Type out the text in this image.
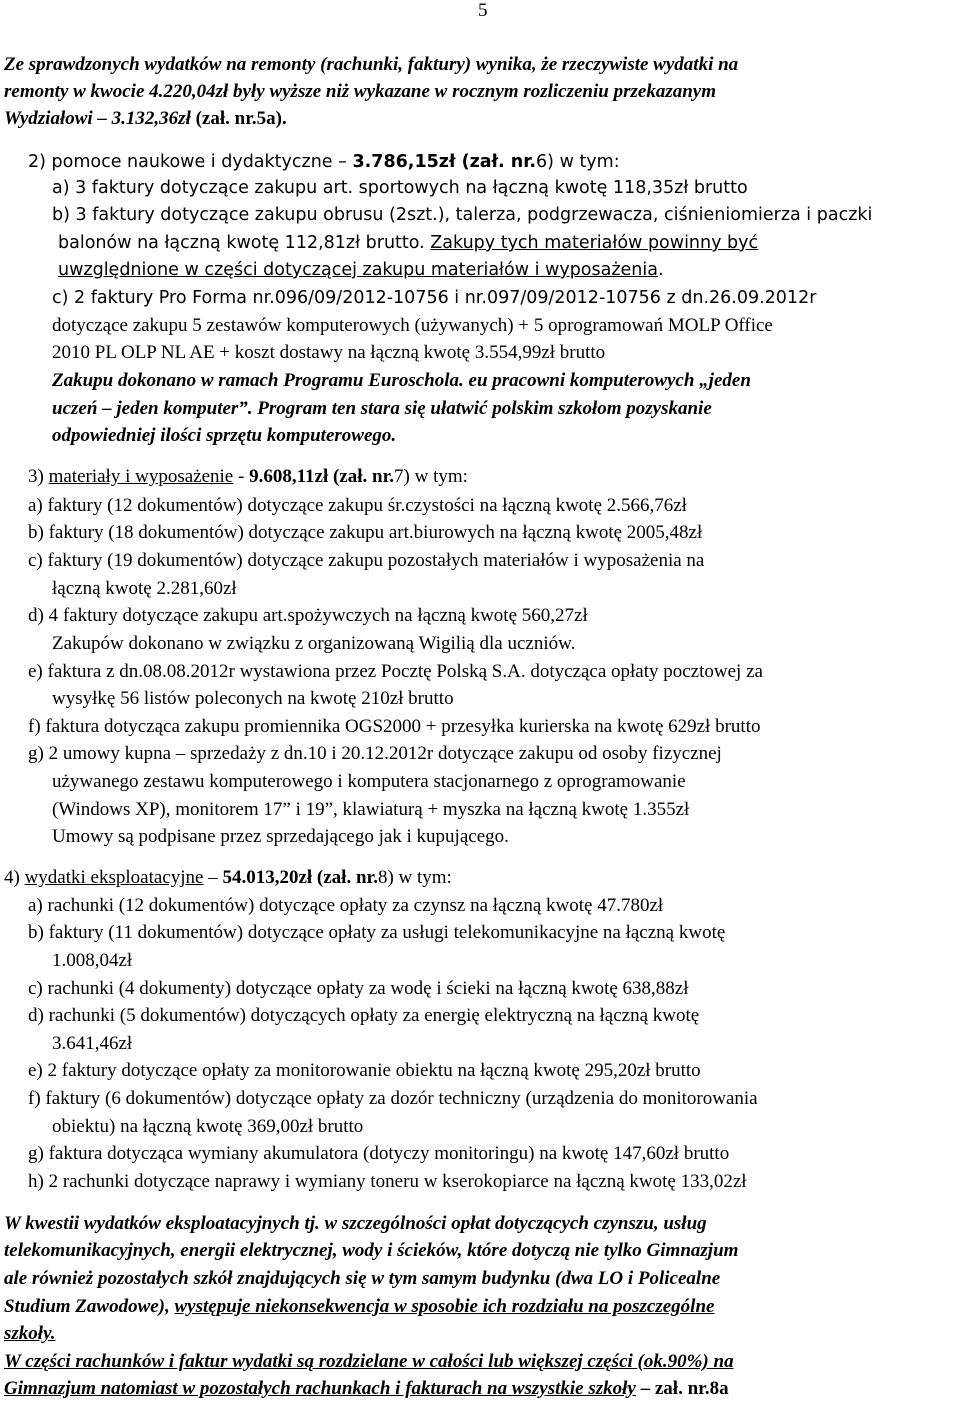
5
Ze sprawdzonych wydatków na remonty (rachunki, faktury) wynika, że rzeczywiste wydatki na
remonty w kwocie 4.220,04zł były wyższe niż wykazane w rocznym rozliczeniu przekazanym
Wydziałowi – 3.132,36zł (zał. nr.5a).
2) pomoce naukowe i dydaktyczne – 3.786,15zł (zał. nr.6) w tym:
a) 3 faktury dotyczące zakupu art. sportowych na łączną kwotę 118,35zł brutto
b) 3 faktury dotyczące zakupu obrusu (2szt.), talerza, podgrzewacza, ciśnieniomierza i paczki
balonów na łączną kwotę 112,81zł brutto. Zakupy tych materiałów powinny być
uwzględnione w części dotyczącej zakupu materiałów i wyposażenia.
c) 2 faktury Pro Forma nr.096/09/2012-10756 i nr.097/09/2012-10756 z dn.26.09.2012r
dotyczące zakupu 5 zestawów komputerowych (używanych) + 5 oprogramowań MOLP Office
2010 PL OLP NL AE + koszt dostawy na łączną kwotę 3.554,99zł brutto
Zakupu dokonano w ramach Programu Euroschola. eu pracowni komputerowych „jeden
uczeń – jeden komputer”. Program ten stara się ułatwić polskim szkołom pozyskanie
odpowiedniej ilości sprzętu komputerowego.
3) materiały i wyposażenie - 9.608,11zł (zał. nr.7) w tym:
a) faktury (12 dokumentów) dotyczące zakupu śr.czystości na łączną kwotę 2.566,76zł
b) faktury (18 dokumentów) dotyczące zakupu art.biurowych na łączną kwotę 2005,48zł
c) faktury (19 dokumentów) dotyczące zakupu pozostałych materiałów i wyposażenia na
łączną kwotę 2.281,60zł
d) 4 faktury dotyczące zakupu art.spożywczych na łączną kwotę 560,27zł
Zakupów dokonano w związku z organizowaną Wigilią dla uczniów.
e) faktura z dn.08.08.2012r wystawiona przez Pocztę Polską S.A. dotycząca opłaty pocztowej za
wysyłkę 56 listów poleconych na kwotę 210zł brutto
f) faktura dotycząca zakupu promiennika OGS2000 + przesyłka kurierska na kwotę 629zł brutto
g) 2 umowy kupna – sprzedaży z dn.10 i 20.12.2012r dotyczące zakupu od osoby fizycznej
używanego zestawu komputerowego i komputera stacjonarnego z oprogramowanie
(Windows XP), monitorem 17” i 19”, klawiaturą + myszka na łączną kwotę 1.355zł
Umowy są podpisane przez sprzedającego jak i kupującego.
4) wydatki eksploatacyjne – 54.013,20zł (zał. nr.8) w tym:
a) rachunki (12 dokumentów) dotyczące opłaty za czynsz na łączną kwotę 47.780zł
b) faktury (11 dokumentów) dotyczące opłaty za usługi telekomunikacyjne na łączną kwotę
1.008,04zł
c) rachunki (4 dokumenty) dotyczące opłaty za wodę i ścieki na łączną kwotę 638,88zł
d) rachunki (5 dokumentów) dotyczących opłaty za energię elektryczną na łączną kwotę
3.641,46zł
e) 2 faktury dotyczące opłaty za monitorowanie obiektu na łączną kwotę 295,20zł brutto
f) faktury (6 dokumentów) dotyczące opłaty za dozór techniczny (urządzenia do monitorowania
obiektu) na łączną kwotę 369,00zł brutto
g) faktura dotycząca wymiany akumulatora (dotyczy monitoringu) na kwotę 147,60zł brutto
h) 2 rachunki dotyczące naprawy i wymiany toneru w kserokopiarce na łączną kwotę 133,02zł
W kwestii wydatków eksploatacyjnych tj. w szczególności opłat dotyczących czynszu, usług
telekomunikacyjnych, energii elektrycznej, wody i ścieków, które dotyczą nie tylko Gimnazjum
ale również pozostałych szkół znajdujących się w tym samym budynku (dwa LO i Policealne
Studium Zawodowe), występuje niekonsekwencja w sposobie ich rozdziału na poszczególne
szkoły.
W części rachunków i faktur wydatki są rozdzielane w całości lub większej części (ok.90%) na
Gimnazjum natomiast w pozostałych rachunkach i fakturach na wszystkie szkoły – zał. nr.8a
